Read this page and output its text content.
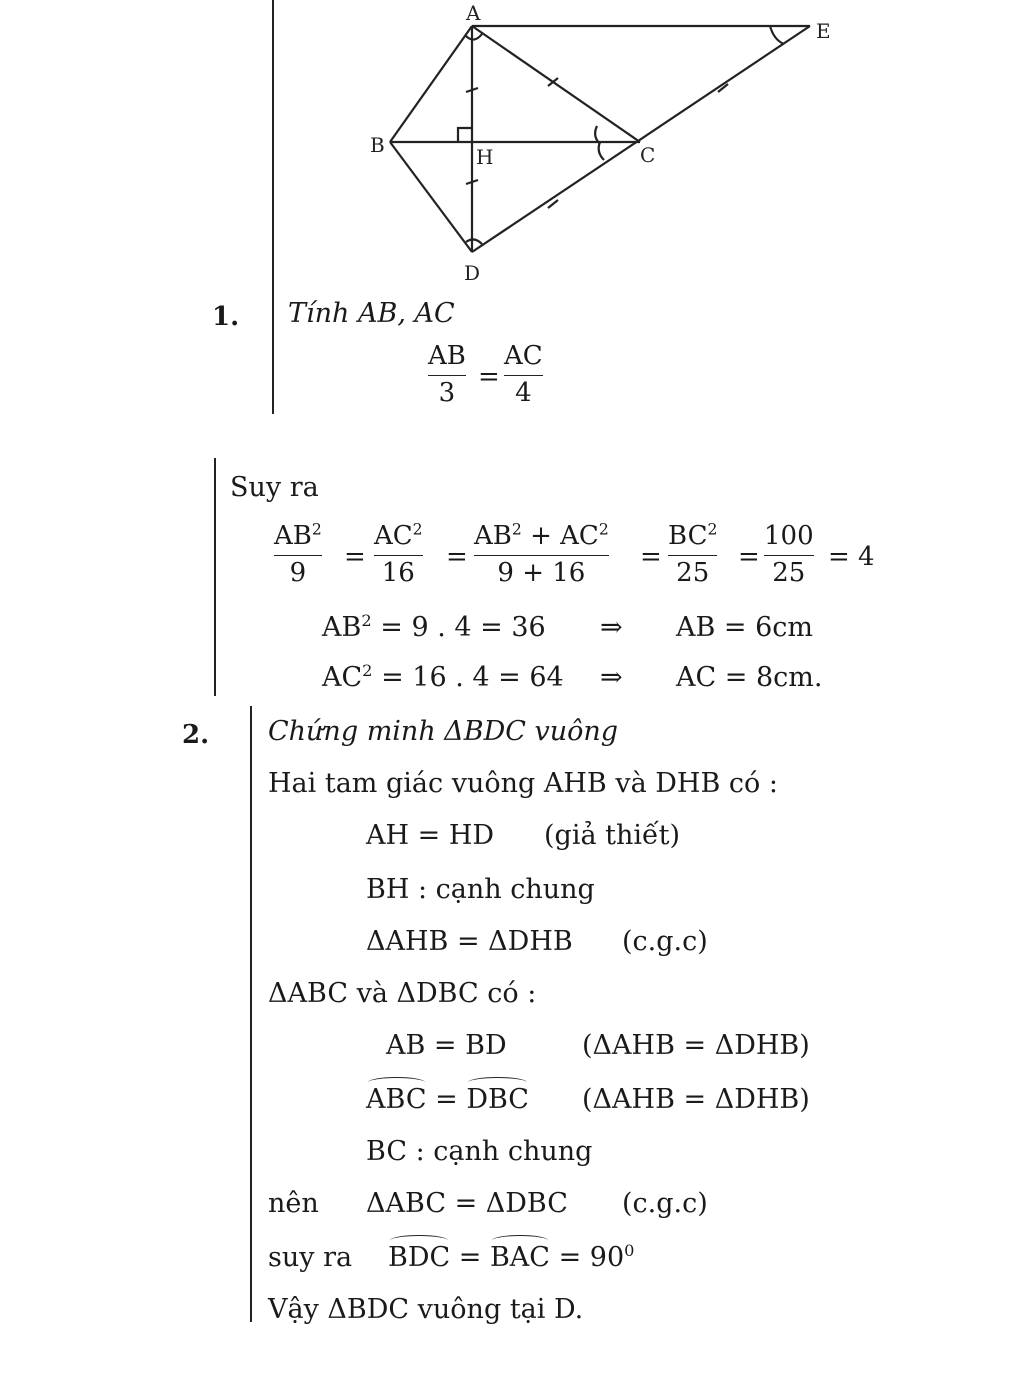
A
E
B	H	C
D
1. Tính AB, AC
AB
3
=
AC
4
Suy ra
$AB^2$
9
=
$AC^2$
16
=
$AB^2 + AC^2$
9 + 16
=
$BC^2$
25
=
100
25
= 4
$AB^2 = 9$ . 4 = 36 ⇒ AB = 6cm
$AC^2 = 16$ . 4 = 64 ⇒ AC = 8cm.
2. Chứng minh ΔBDC vuông
Hai tam giác vuông AHB và DHB có :
AH = HD (giả thiết)
BH : cạnh chung
ΔAHB = ΔDHB (c.g.c)
ΔABC và ΔDBC có :
AB = BD	(ΔAHB = ΔDHB)
ABC = DBC (ΔAHB = ΔDHB)
BC : cạnh chung
nên ΔABC = ΔDBC (c.g.c)
suy ra BDC = BAC = $90^0$
Vậy ΔBDC vuông tại D.
